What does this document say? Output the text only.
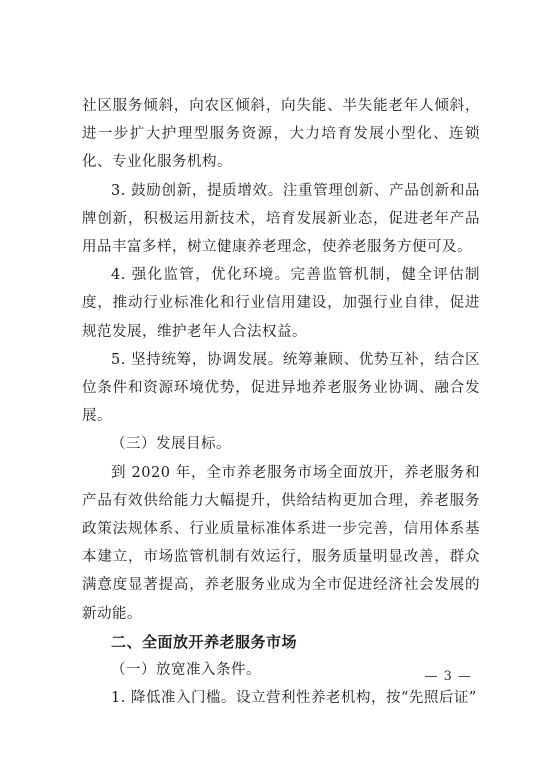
社区服务倾斜，向农区倾斜，向失能、半失能老年人倾斜，进一步扩大护理型服务资源，大力培育发展小型化、连锁化、专业化服务机构。

3. 鼓励创新，提质增效。注重管理创新、产品创新和品牌创新，积极运用新技术，培育发展新业态，促进老年产品用品丰富多样，树立健康养老理念，使养老服务方便可及。

4. 强化监管，优化环境。完善监管机制，健全评估制度，推动行业标准化和行业信用建设，加强行业自律，促进规范发展，维护老年人合法权益。

5. 坚持统筹，协调发展。统筹兼顾、优势互补，结合区位条件和资源环境优势，促进异地养老服务业协调、融合发展。

（三）发展目标。

到 2020 年，全市养老服务市场全面放开，养老服务和产品有效供给能力大幅提升，供给结构更加合理，养老服务政策法规体系、行业质量标准体系进一步完善，信用体系基本建立，市场监管机制有效运行，服务质量明显改善，群众满意度显著提高，养老服务业成为全市促进经济社会发展的新动能。

二、全面放开养老服务市场

（一）放宽准入条件。

1. 降低准入门槛。设立营利性养老机构，按“先照后证”

— 3 —
